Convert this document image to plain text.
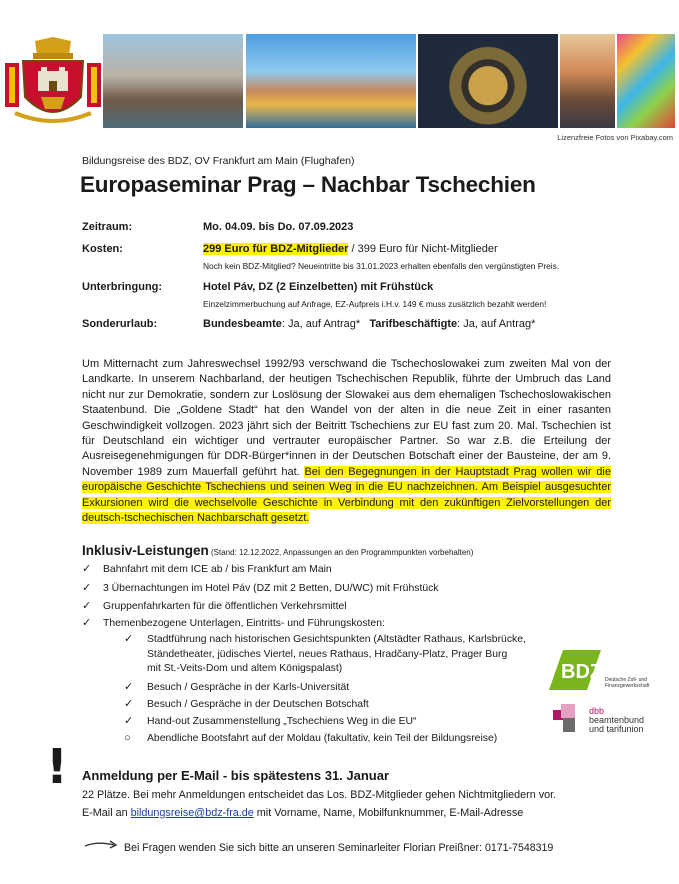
Lizenzfreie Fotos von Pixabay.com
Bildungsreise des BDZ, OV Frankfurt am Main (Flughafen)
Europaseminar Prag – Nachbar Tschechien
Zeitraum:	Mo. 04.09. bis Do. 07.09.2023
Kosten:	299 Euro für BDZ-Mitglieder / 399 Euro für Nicht-Mitglieder
Noch kein BDZ-Mitglied? Neueintritte bis 31.01.2023 erhalten ebenfalls den vergünstigten Preis.
Unterbringung:	Hotel Páv, DZ (2 Einzelbetten) mit Frühstück
Einzelzimmerbuchung auf Anfrage, EZ-Aufpreis i.H.v. 149 € muss zusätzlich bezahlt werden!
Sonderurlaub:	Bundesbeamte: Ja, auf Antrag*   Tarifbeschäftigte: Ja, auf Antrag*
Um Mitternacht zum Jahreswechsel 1992/93 verschwand die Tschechoslowakei zum zweiten Mal von der Landkarte. In unserem Nachbarland, der heutigen Tschechischen Republik, führte der Umbruch das Land nicht nur zur Demokratie, sondern zur Loslösung der Slowakei aus dem ehemaligen Tschechoslowakischen Staatenbund. Die „Goldene Stadt“ hat den Wandel von der alten in die neue Zeit in einer rasanten Geschwindigkeit vollzogen. 2023 jährt sich der Beitritt Tschechiens zur EU fast zum 20. Mal. Tschechien ist für Deutschland ein wichtiger und vertrauter europäischer Partner. So war z.B. die Erteilung der Ausreisegenehmigungen für DDR-Bürger*innen in der Deutschen Botschaft einer der Bausteine, der am 9. November 1989 zum Mauerfall geführt hat. Bei den Begegnungen in der Hauptstadt Prag wollen wir die europäische Geschichte Tschechiens und seinen Weg in die EU nachzeichnen. Am Beispiel ausgesuchter Exkursionen wird die wechselvolle Geschichte in Verbindung mit den zukünftigen Zielvorstellungen der deutsch-tschechischen Nachbarschaft gesetzt.
Inklusiv-Leistungen (Stand: 12.12.2022, Anpassungen an den Programmpunkten vorbehalten)
✓ Bahnfahrt mit dem ICE ab / bis Frankfurt am Main
✓ 3 Übernachtungen im Hotel Páv (DZ mit 2 Betten, DU/WC) mit Frühstück
✓ Gruppenfahrkarten für die öffentlichen Verkehrsmittel
✓ Themenbezogene Unterlagen, Eintritts- und Führungskosten:
✓ Stadtführung nach historischen Gesichtspunkten (Altstädter Rathaus, Karlsbrücke,
Ständetheater, jüdisches Viertel, neues Rathaus, Hradčany-Platz, Prager Burg
mit St.-Veits-Dom und altem Königspalast)
✓ Besuch / Gespräche in der Karls-Universität
✓ Besuch / Gespräche in der Deutschen Botschaft
✓ Hand-out Zusammenstellung „Tschechiens Weg in die EU“
○ Abendliche Bootsfahrt auf der Moldau (fakultativ, kein Teil der Bildungsreise)
BDZ Deutsche Zoll- und
Finanzgewerkschaft
dbb
beamtenbund
und tarifunion
! Anmeldung per E-Mail - bis spätestens 31. Januar
22 Plätze. Bei mehr Anmeldungen entscheidet das Los. BDZ-Mitglieder gehen Nichtmitgliedern vor.
E-Mail an bildungsreise@bdz-fra.de mit Vorname, Name, Mobilfunknummer, E-Mail-Adresse
Bei Fragen wenden Sie sich bitte an unseren Seminarleiter Florian Preißner: 0171-7548319
